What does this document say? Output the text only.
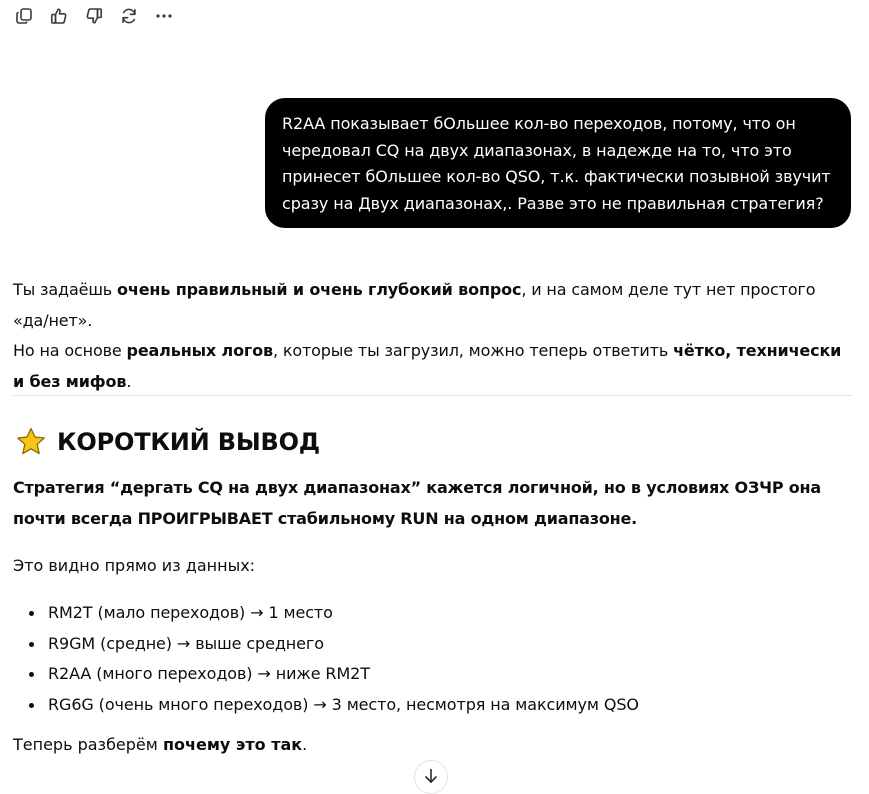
R2AA показывает бОльшее кол-во переходов, потому, что он чередовал CQ на двух диапазонах, в надежде на то, что это принесет бОльшее кол-во QSO, т.к. фактически позывной звучит сразу на Двух диапазонах,. Разве это не правильная стратегия?

Ты задаёшь очень правильный и очень глубокий вопрос, и на самом деле тут нет простого «да/нет».
Но на основе реальных логов, которые ты загрузил, можно теперь ответить чётко, технически и без мифов.

КОРОТКИЙ ВЫВОД

Стратегия “дергать CQ на двух диапазонах” кажется логичной, но в условиях ОЗЧР она почти всегда ПРОИГРЫВАЕТ стабильному RUN на одном диапазоне.

Это видно прямо из данных:

RM2T (мало переходов) → 1 место
R9GM (средне) → выше среднего
R2AA (много переходов) → ниже RM2T
RG6G (очень много переходов) → 3 место, несмотря на максимум QSO

Теперь разберём почему это так.
